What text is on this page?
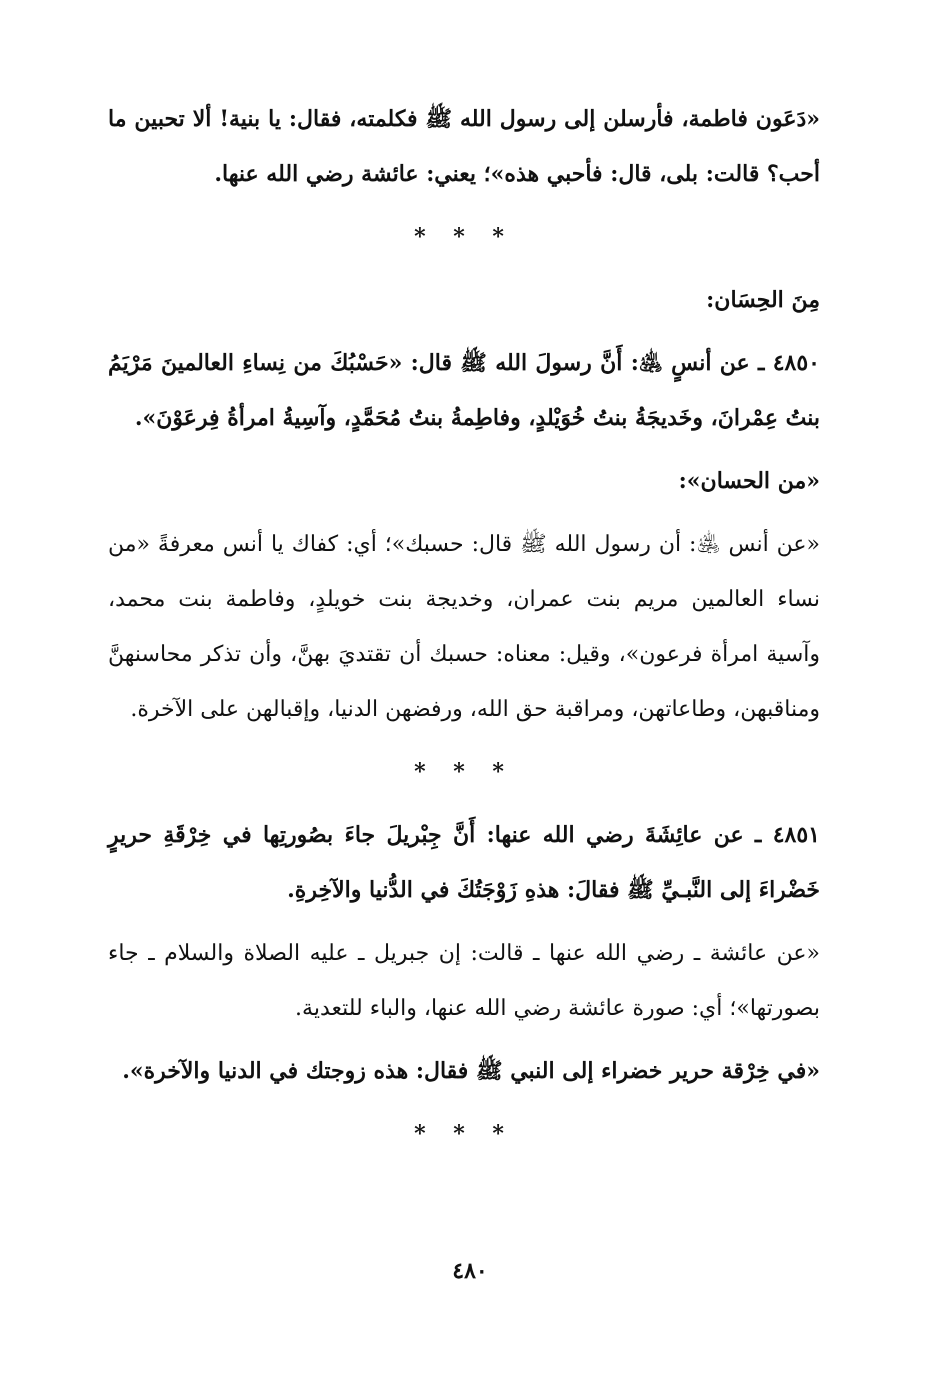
«دَعَون فاطمة، فأرسلن إلى رسول الله ﷺ فكلمته، فقال: يا بنية! ألا تحبين ما أحب؟ قالت: بلى، قال: فأحبي هذه»؛ يعني: عائشة رضي الله عنها.

* * *

مِنَ الحِسَان:

٤٨٥٠ ـ عن أنسٍ ﵁: أَنَّ رسولَ الله ﷺ قال: «حَسْبُكَ من نِساءِ العالمينَ مَرْيَمُ بنتُ عِمْرانَ، وخَديجَةُ بنتُ خُوَيْلدٍ، وفاطِمةُ بنتُ مُحَمَّدٍ، وآسِيةُ امرأةُ فِرعَوْنَ».

«من الحسان»:

«عن أنس ﵁: أن رسول الله ﷺ قال: حسبك»؛ أي: كفاك يا أنس معرفةً «من نساء العالمين مريم بنت عمران، وخديجة بنت خويلدٍ، وفاطمة بنت محمد، وآسية امرأة فرعون»، وقيل: معناه: حسبك أن تقتديَ بهنَّ، وأن تذكر محاسنهنَّ ومناقبهن، وطاعاتهن، ومراقبة حق الله، ورفضهن الدنيا، وإقبالهن على الآخرة.

* * *

٤٨٥١ ـ عن عائِشَةَ رضي الله عنها: أَنَّ جِبْريلَ جاءَ بصُورتِها في خِرْقَةِ حريرٍ خَضْراءَ إلى النَّبـيِّ ﷺ فقالَ: هذهِ زَوْجَتُكَ في الدُّنيا والآخِرةِ.

«عن عائشة ـ رضي الله عنها ـ قالت: إن جبريل ـ عليه الصلاة والسلام ـ جاء بصورتها»؛ أي: صورة عائشة رضي الله عنها، والباء للتعدية.

«في خِرْقة حرير خضراء إلى النبي ﷺ فقال: هذه زوجتك في الدنيا والآخرة».

* * *

٤٨٠
